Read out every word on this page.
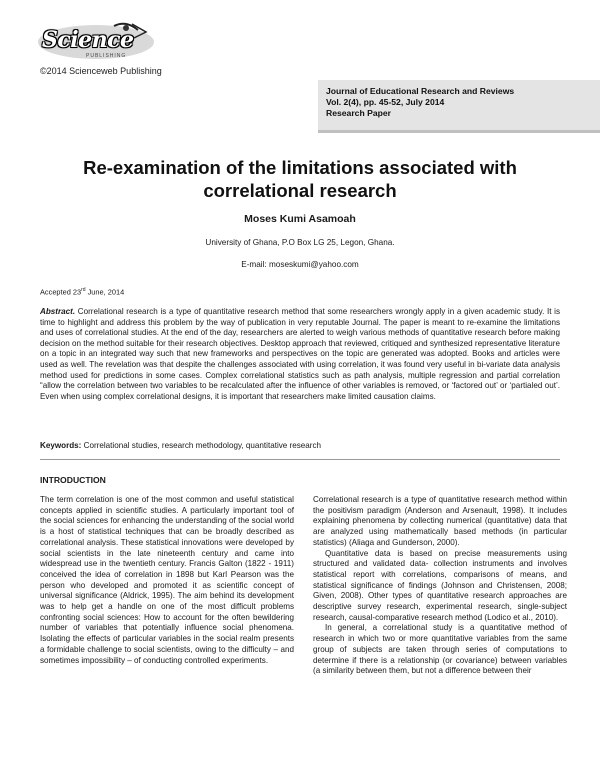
Science
PUBLISHING
©2014 Scienceweb Publishing
Journal of Educational Research and Reviews
Vol. 2(4), pp. 45-52, July 2014
Research Paper
Re-examination of the limitations associated with correlational research
Moses Kumi Asamoah
University of Ghana, P.O Box LG 25, Legon, Ghana.
E-mail: moseskumi@yahoo.com
Accepted 23rd June, 2014
Abstract. Correlational research is a type of quantitative research method that some researchers wrongly apply in a given academic study. It is time to highlight and address this problem by the way of publication in very reputable Journal. The paper is meant to re-examine the limitations and uses of correlational studies. At the end of the day, researchers are alerted to weigh various methods of quantitative research before making decision on the method suitable for their research objectives. Desktop approach that reviewed, critiqued and synthesized representative literature on a topic in an integrated way such that new frameworks and perspectives on the topic are generated was adopted. Books and articles were used as well. The revelation was that despite the challenges associated with using correlation, it was found very useful in bi-variate data analysis method used for predictions in some cases. Complex correlational statistics such as path analysis, multiple regression and partial correlation “allow the correlation between two variables to be recalculated after the influence of other variables is removed, or ‘factored out’ or ‘partialed out’. Even when using complex correlational designs, it is important that researchers make limited causation claims.
Keywords: Correlational studies, research methodology, quantitative research
INTRODUCTION

The term correlation is one of the most common and useful statistical concepts applied in scientific studies. A particularly important tool of the social sciences for enhancing the understanding of the social world is a host of statistical techniques that can be broadly described as correlational analysis. These statistical innovations were developed by social scientists in the late nineteenth century and came into widespread use in the twentieth century. Francis Galton (1822 - 1911) conceived the idea of correlation in 1898 but Karl Pearson was the person who developed and promoted it as scientific concept of universal significance (Aldrick, 1995). The aim behind its development was to help get a handle on one of the most difficult problems confronting social sciences: How to account for the often bewildering number of variables that potentially influence social phenomena. Isolating the effects of particular variables in the social realm presents a formidable challenge to social scientists, owing to the difficulty – and sometimes impossibility – of conducting controlled experiments.

Correlational research is a type of quantitative research method within the positivism paradigm (Anderson and Arsenault, 1998). It includes explaining phenomena by collecting numerical (quantitative) data that are analyzed using mathematically based methods (in particular statistics) (Aliaga and Gunderson, 2000).

Quantitative data is based on precise measurements using structured and validated data- collection instruments and involves statistical report with correlations, comparisons of means, and statistical significance of findings (Johnson and Christensen, 2008; Given, 2008). Other types of quantitative research approaches are descriptive survey research, experimental research, single-subject research, causal-comparative research method (Lodico et al., 2010).

In general, a correlational study is a quantitative method of research in which two or more quantitative variables from the same group of subjects are taken through series of computations to determine if there is a relationship (or covariance) between variables (a similarity between them, but not a difference between their
